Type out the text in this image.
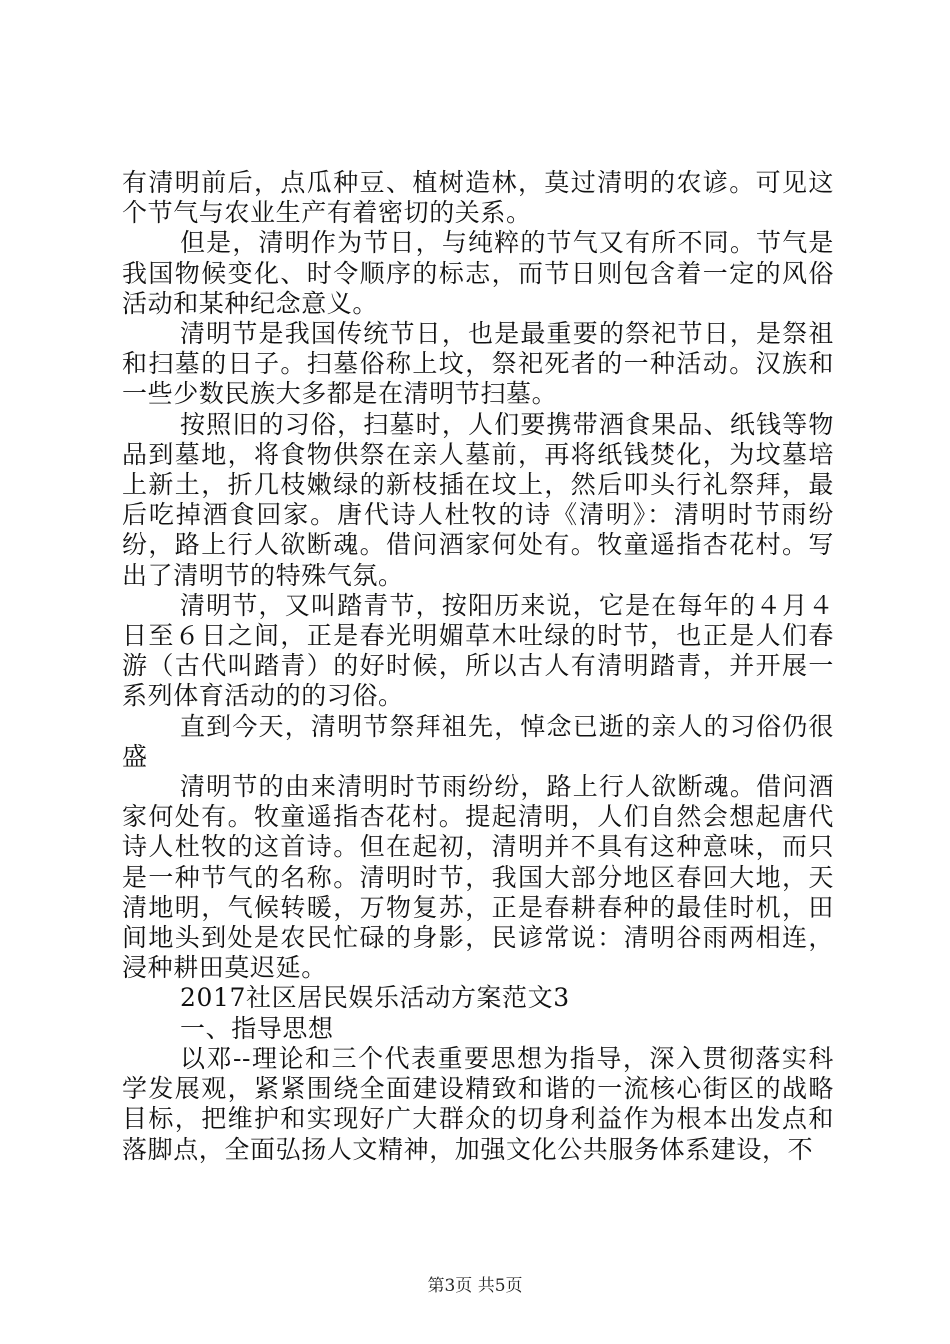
有清明前后，点瓜种豆、植树造林，莫过清明的农谚。可见这个节气与农业生产有着密切的关系。

但是，清明作为节日，与纯粹的节气又有所不同。节气是我国物候变化、时令顺序的标志，而节日则包含着一定的风俗活动和某种纪念意义。

清明节是我国传统节日，也是最重要的祭祀节日，是祭祖和扫墓的日子。扫墓俗称上坟，祭祀死者的一种活动。汉族和一些少数民族大多都是在清明节扫墓。

按照旧的习俗，扫墓时，人们要携带酒食果品、纸钱等物品到墓地，将食物供祭在亲人墓前，再将纸钱焚化，为坟墓培上新土，折几枝嫩绿的新枝插在坟上，然后叩头行礼祭拜，最后吃掉酒食回家。唐代诗人杜牧的诗《清明》：清明时节雨纷纷，路上行人欲断魂。借问酒家何处有。牧童遥指杏花村。写出了清明节的特殊气氛。

清明节，又叫踏青节，按阳历来说，它是在每年的４月４日至６日之间，正是春光明媚草木吐绿的时节，也正是人们春游（古代叫踏青）的好时候，所以古人有清明踏青，并开展一系列体育活动的的习俗。

直到今天，清明节祭拜祖先，悼念已逝的亲人的习俗仍很盛

清明节的由来清明时节雨纷纷，路上行人欲断魂。借问酒家何处有。牧童遥指杏花村。提起清明，人们自然会想起唐代诗人杜牧的这首诗。但在起初，清明并不具有这种意味，而只是一种节气的名称。清明时节，我国大部分地区春回大地，天清地明，气候转暖，万物复苏，正是春耕春种的最佳时机，田间地头到处是农民忙碌的身影，民谚常说：清明谷雨两相连，浸种耕田莫迟延。

2017社区居民娱乐活动方案范文3

一、指导思想

以邓--理论和三个代表重要思想为指导，深入贯彻落实科学发展观，紧紧围绕全面建设精致和谐的一流核心街区的战略目标，把维护和实现好广大群众的切身利益作为根本出发点和落脚点，全面弘扬人文精神，加强文化公共服务体系建设，不

第3页 共5页
